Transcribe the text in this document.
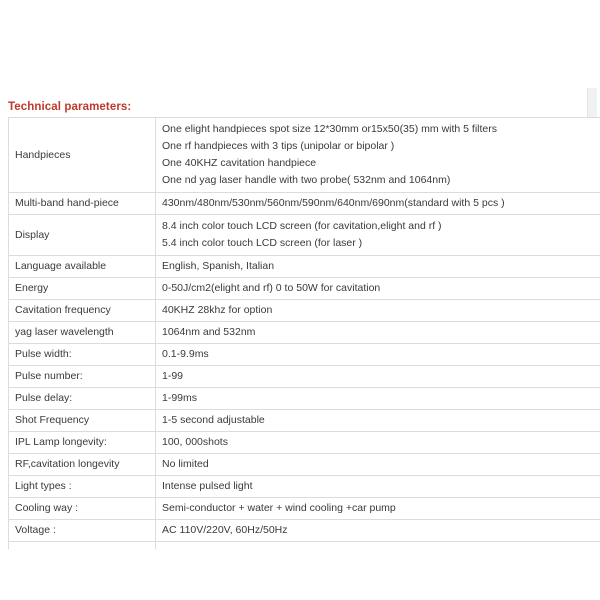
Technical parameters:
Handpieces	One elight handpieces spot size 12*30mm or15x50(35) mm with 5 filters
One rf handpieces with 3 tips (unipolar or bipolar )
One 40KHZ cavitation handpiece
One nd yag laser handle with two probe( 532nm and 1064nm)

Multi-band hand-piece	430nm/480nm/530nm/560nm/590nm/640nm/690nm(standard with 5 pcs )

Display	8.4 inch color touch LCD screen (for cavitation,elight and rf )
5.4 inch color touch LCD screen (for laser )

Language available	English, Spanish, Italian

Energy	0-50J/cm2(elight and rf) 0 to 50W for cavitation

Cavitation frequency	40KHZ 28khz for option

yag laser wavelength	1064nm and 532nm

Pulse width:	0.1-9.9ms

Pulse number:	1-99

Pulse delay:	1-99ms

Shot Frequency	1-5 second adjustable

IPL Lamp longevity:	100, 000shots

RF,cavitation longevity	No limited

Light types :	Intense pulsed light

Cooling way :	Semi-conductor + water + wind cooling +car pump

Voltage :	AC 110V/220V, 60Hz/50Hz
